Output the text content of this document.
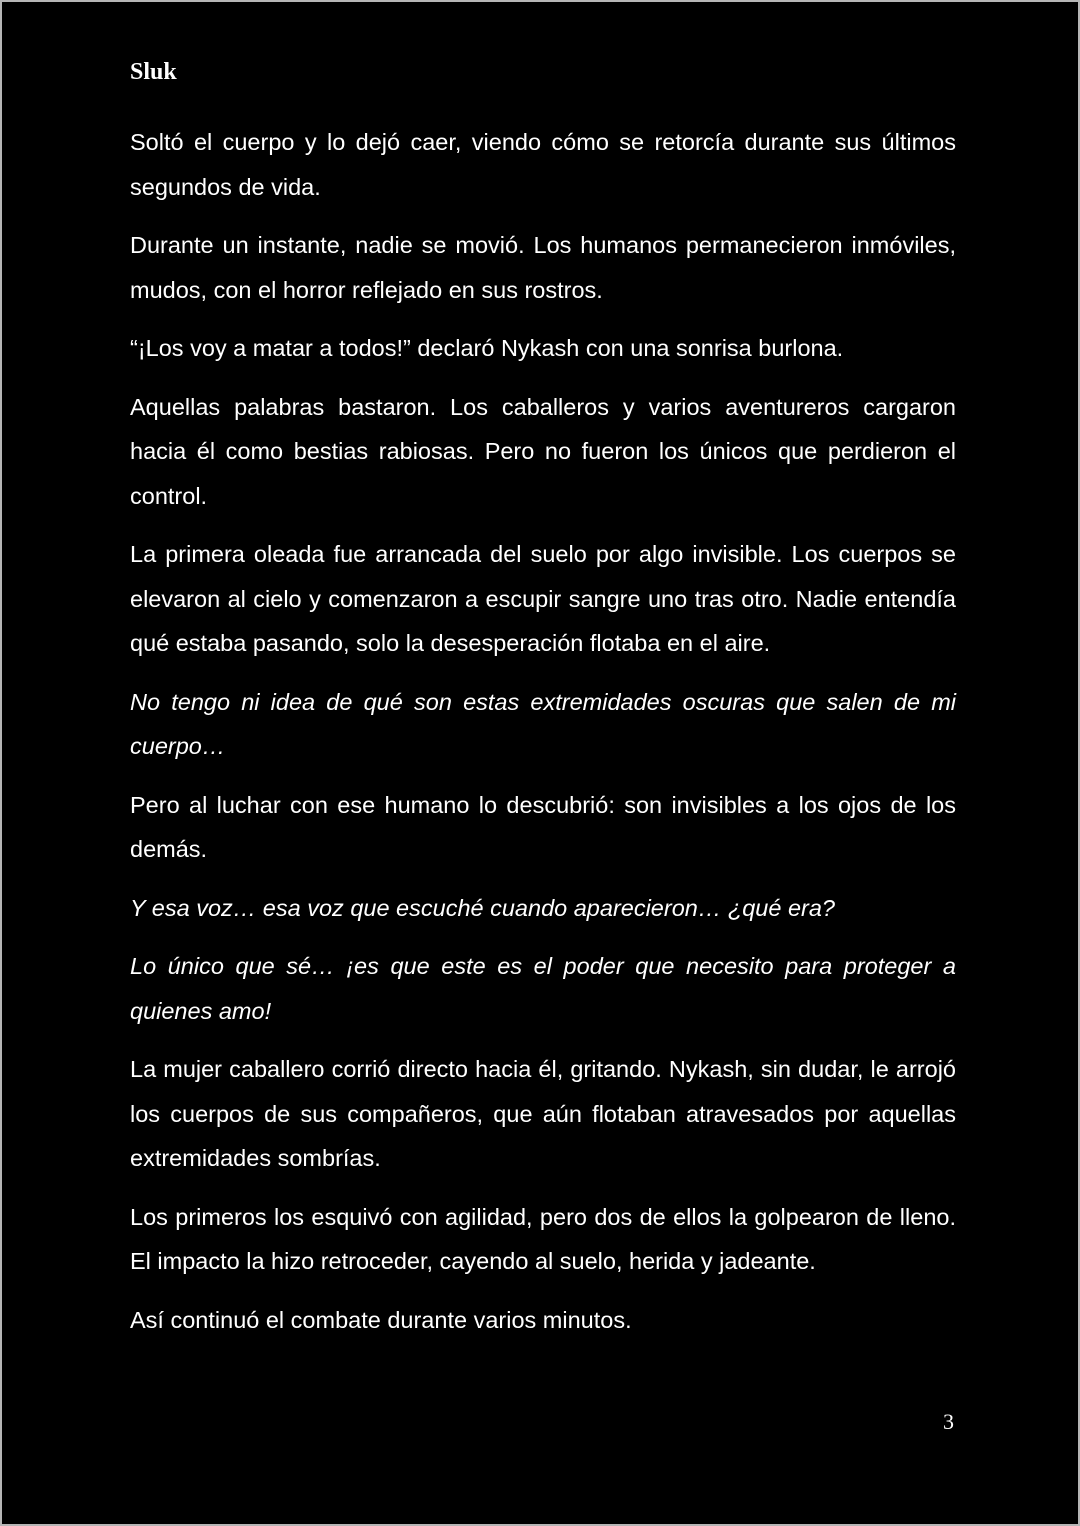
Sluk

Soltó el cuerpo y lo dejó caer, viendo cómo se retorcía durante sus últimos segundos de vida.

Durante un instante, nadie se movió. Los humanos permanecieron inmóviles, mudos, con el horror reflejado en sus rostros.

“¡Los voy a matar a todos!” declaró Nykash con una sonrisa burlona.

Aquellas palabras bastaron. Los caballeros y varios aventureros cargaron hacia él como bestias rabiosas. Pero no fueron los únicos que perdieron el control.

La primera oleada fue arrancada del suelo por algo invisible. Los cuerpos se elevaron al cielo y comenzaron a escupir sangre uno tras otro. Nadie entendía qué estaba pasando, solo la desesperación flotaba en el aire.

No tengo ni idea de qué son estas extremidades oscuras que salen de mi cuerpo…

Pero al luchar con ese humano lo descubrió: son invisibles a los ojos de los demás.

Y esa voz… esa voz que escuché cuando aparecieron… ¿qué era?

Lo único que sé… ¡es que este es el poder que necesito para proteger a quienes amo!

La mujer caballero corrió directo hacia él, gritando. Nykash, sin dudar, le arrojó los cuerpos de sus compañeros, que aún flotaban atravesados por aquellas extremidades sombrías.

Los primeros los esquivó con agilidad, pero dos de ellos la golpearon de lleno. El impacto la hizo retroceder, cayendo al suelo, herida y jadeante.

Así continuó el combate durante varios minutos.

3
